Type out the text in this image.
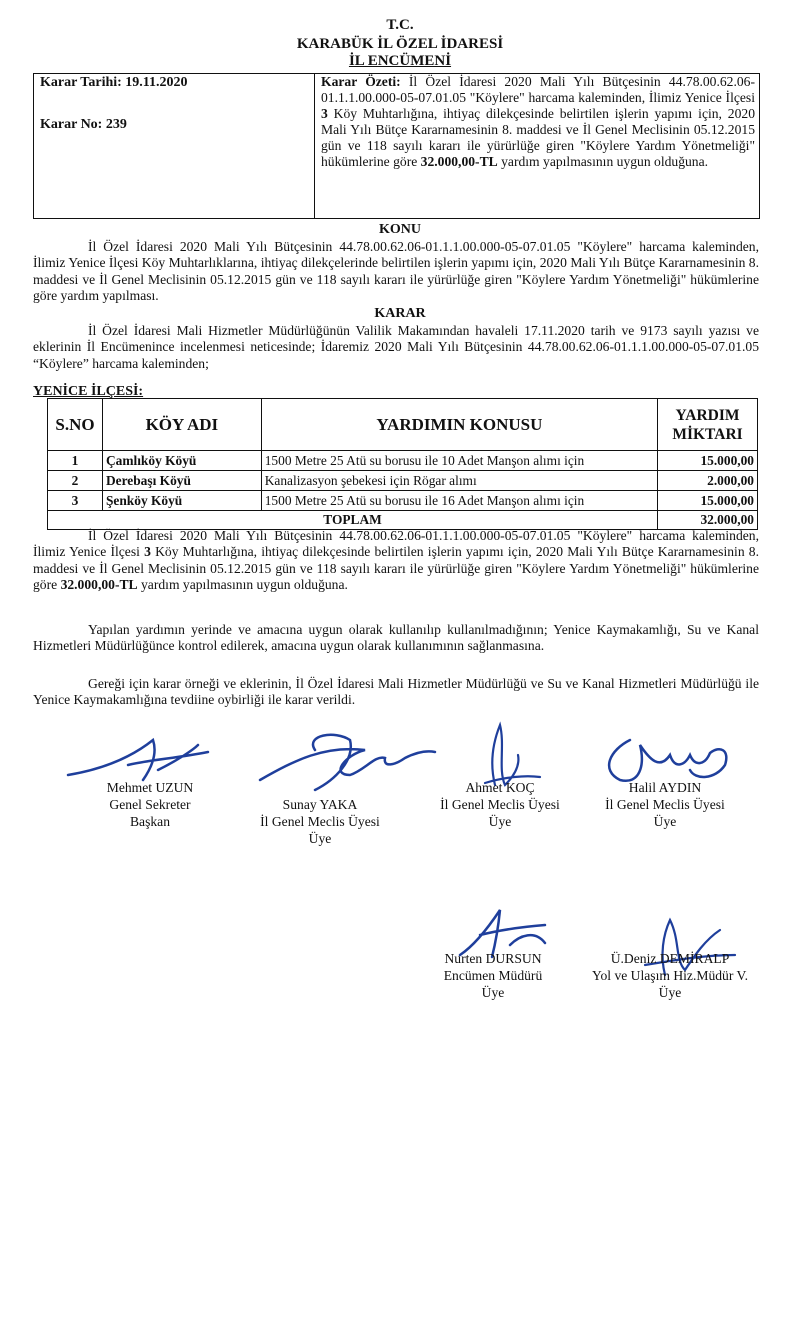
T.C.
KARABÜK İL ÖZEL İDARESİ
İL ENCÜMENİ
Karar Tarihi: 19.11.2020
Karar No: 239
Karar Özeti: İl Özel İdaresi 2020 Mali Yılı Bütçesinin 44.78.00.62.06-01.1.1.00.000-05-07.01.05 "Köylere" harcama kaleminden, İlimiz Yenice İlçesi 3 Köy Muhtarlığına, ihtiyaç dilekçesinde belirtilen işlerin yapımı için, 2020 Mali Yılı Bütçe Kararnamesinin 8. maddesi ve İl Genel Meclisinin 05.12.2015 gün ve 118 sayılı kararı ile yürürlüğe giren "Köylere Yardım Yönetmeliği" hükümlerine göre 32.000,00-TL yardım yapılmasının uygun olduğuna.
KONU
İl Özel İdaresi 2020 Mali Yılı Bütçesinin 44.78.00.62.06-01.1.1.00.000-05-07.01.05 "Köylere" harcama kaleminden, İlimiz Yenice İlçesi Köy Muhtarlıklarına, ihtiyaç dilekçelerinde belirtilen işlerin yapımı için, 2020 Mali Yılı Bütçe Kararnamesinin 8. maddesi ve İl Genel Meclisinin 05.12.2015 gün ve 118 sayılı kararı ile yürürlüğe giren "Köylere Yardım Yönetmeliği" hükümlerine göre yardım yapılması.
KARAR
İl Özel İdaresi Mali Hizmetler Müdürlüğünün Valilik Makamından havaleli 17.11.2020 tarih ve 9173 sayılı yazısı ve eklerinin İl Encümenince incelenmesi neticesinde; İdaremiz 2020 Mali Yılı Bütçesinin 44.78.00.62.06-01.1.1.00.000-05-07.01.05 “Köylere” harcama kaleminden;
YENİCE İLÇESİ:
S.NO	KÖY ADI	YARDIMIN KONUSU	YARDIM
MİKTARI
1	Çamlıköy Köyü	1500 Metre 25 Atü su borusu ile 10 Adet Manşon alımı için	15.000,00
2	Derebaşı Köyü	Kanalizasyon şebekesi için Rögar alımı	2.000,00
3	Şenköy Köyü	1500 Metre 25 Atü su borusu ile 16 Adet Manşon alımı için	15.000,00
TOPLAM			32.000,00
İl Özel İdaresi 2020 Mali Yılı Bütçesinin 44.78.00.62.06-01.1.1.00.000-05-07.01.05 "Köylere" harcama kaleminden, İlimiz Yenice İlçesi 3 Köy Muhtarlığına, ihtiyaç dilekçesinde belirtilen işlerin yapımı için, 2020 Mali Yılı Bütçe Kararnamesinin 8. maddesi ve İl Genel Meclisinin 05.12.2015 gün ve 118 sayılı kararı ile yürürlüğe giren "Köylere Yardım Yönetmeliği" hükümlerine göre 32.000,00-TL yardım yapılmasının uygun olduğuna.
Yapılan yardımın yerinde ve amacına uygun olarak kullanılıp kullanılmadığının; Yenice Kaymakamlığı, Su ve Kanal Hizmetleri Müdürlüğünce kontrol edilerek, amacına uygun olarak kullanımının sağlanmasına.
Gereği için karar örneği ve eklerinin, İl Özel İdaresi Mali Hizmetler Müdürlüğü ve Su ve Kanal Hizmetleri Müdürlüğü ile Yenice Kaymakamlığına tevdiine oybirliği ile karar verildi.
Mehmet UZUN
Genel Sekreter
Başkan
Sunay YAKA
İl Genel Meclis Üyesi
Üye
Ahmet KOÇ
İl Genel Meclis Üyesi
Üye
Halil AYDIN
İl Genel Meclis Üyesi
Üye
Nurten DURSUN
Encümen Müdürü
Üye
Ü.Deniz DEMİRALP
Yol ve Ulaşım Hiz.Müdür V.
Üye
